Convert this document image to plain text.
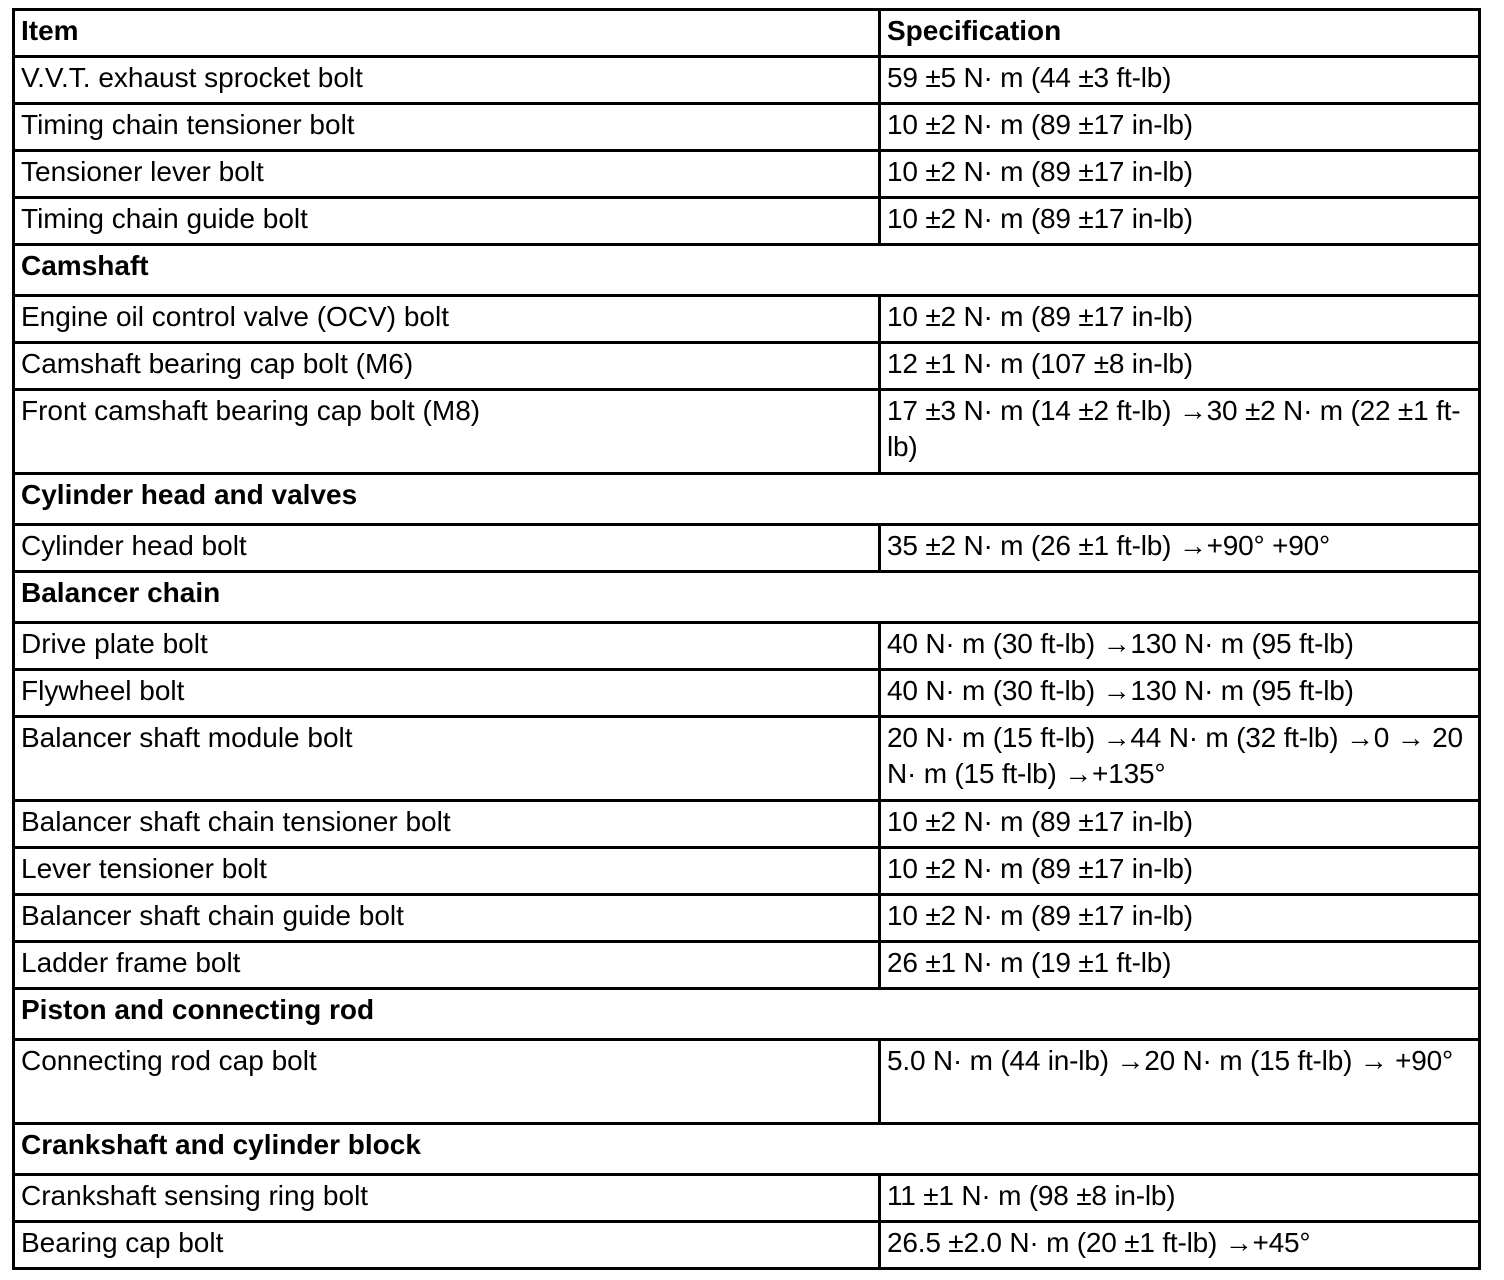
Item	Specification
V.V.T. exhaust sprocket bolt	59 ±5 N· m (44 ±3 ft-lb)
Timing chain tensioner bolt	10 ±2 N· m (89 ±17 in-lb)
Tensioner lever bolt	10 ±2 N· m (89 ±17 in-lb)
Timing chain guide bolt	10 ±2 N· m (89 ±17 in-lb)
Camshaft	
Engine oil control valve (OCV) bolt	10 ±2 N· m (89 ±17 in-lb)
Camshaft bearing cap bolt (M6)	12 ±1 N· m (107 ±8 in-lb)
Front camshaft bearing cap bolt (M8)	17 ±3 N· m (14 ±2 ft-lb) →30 ±2 N· m (22 ±1 ft-lb)
Cylinder head and valves	
Cylinder head bolt	35 ±2 N· m (26 ±1 ft-lb) →+90° +90°
Balancer chain	
Drive plate bolt	40 N· m (30 ft-lb) →130 N· m (95 ft-lb)
Flywheel bolt	40 N· m (30 ft-lb) →130 N· m (95 ft-lb)
Balancer shaft module bolt	20 N· m (15 ft-lb) →44 N· m (32 ft-lb) →0 → 20 N· m (15 ft-lb) →+135°
Balancer shaft chain tensioner bolt	10 ±2 N· m (89 ±17 in-lb)
Lever tensioner bolt	10 ±2 N· m (89 ±17 in-lb)
Balancer shaft chain guide bolt	10 ±2 N· m (89 ±17 in-lb)
Ladder frame bolt	26 ±1 N· m (19 ±1 ft-lb)
Piston and connecting rod	
Connecting rod cap bolt	5.0 N· m (44 in-lb) →20 N· m (15 ft-lb) → +90°
Crankshaft and cylinder block	
Crankshaft sensing ring bolt	11 ±1 N· m (98 ±8 in-lb)
Bearing cap bolt	26.5 ±2.0 N· m (20 ±1 ft-lb) →+45°
